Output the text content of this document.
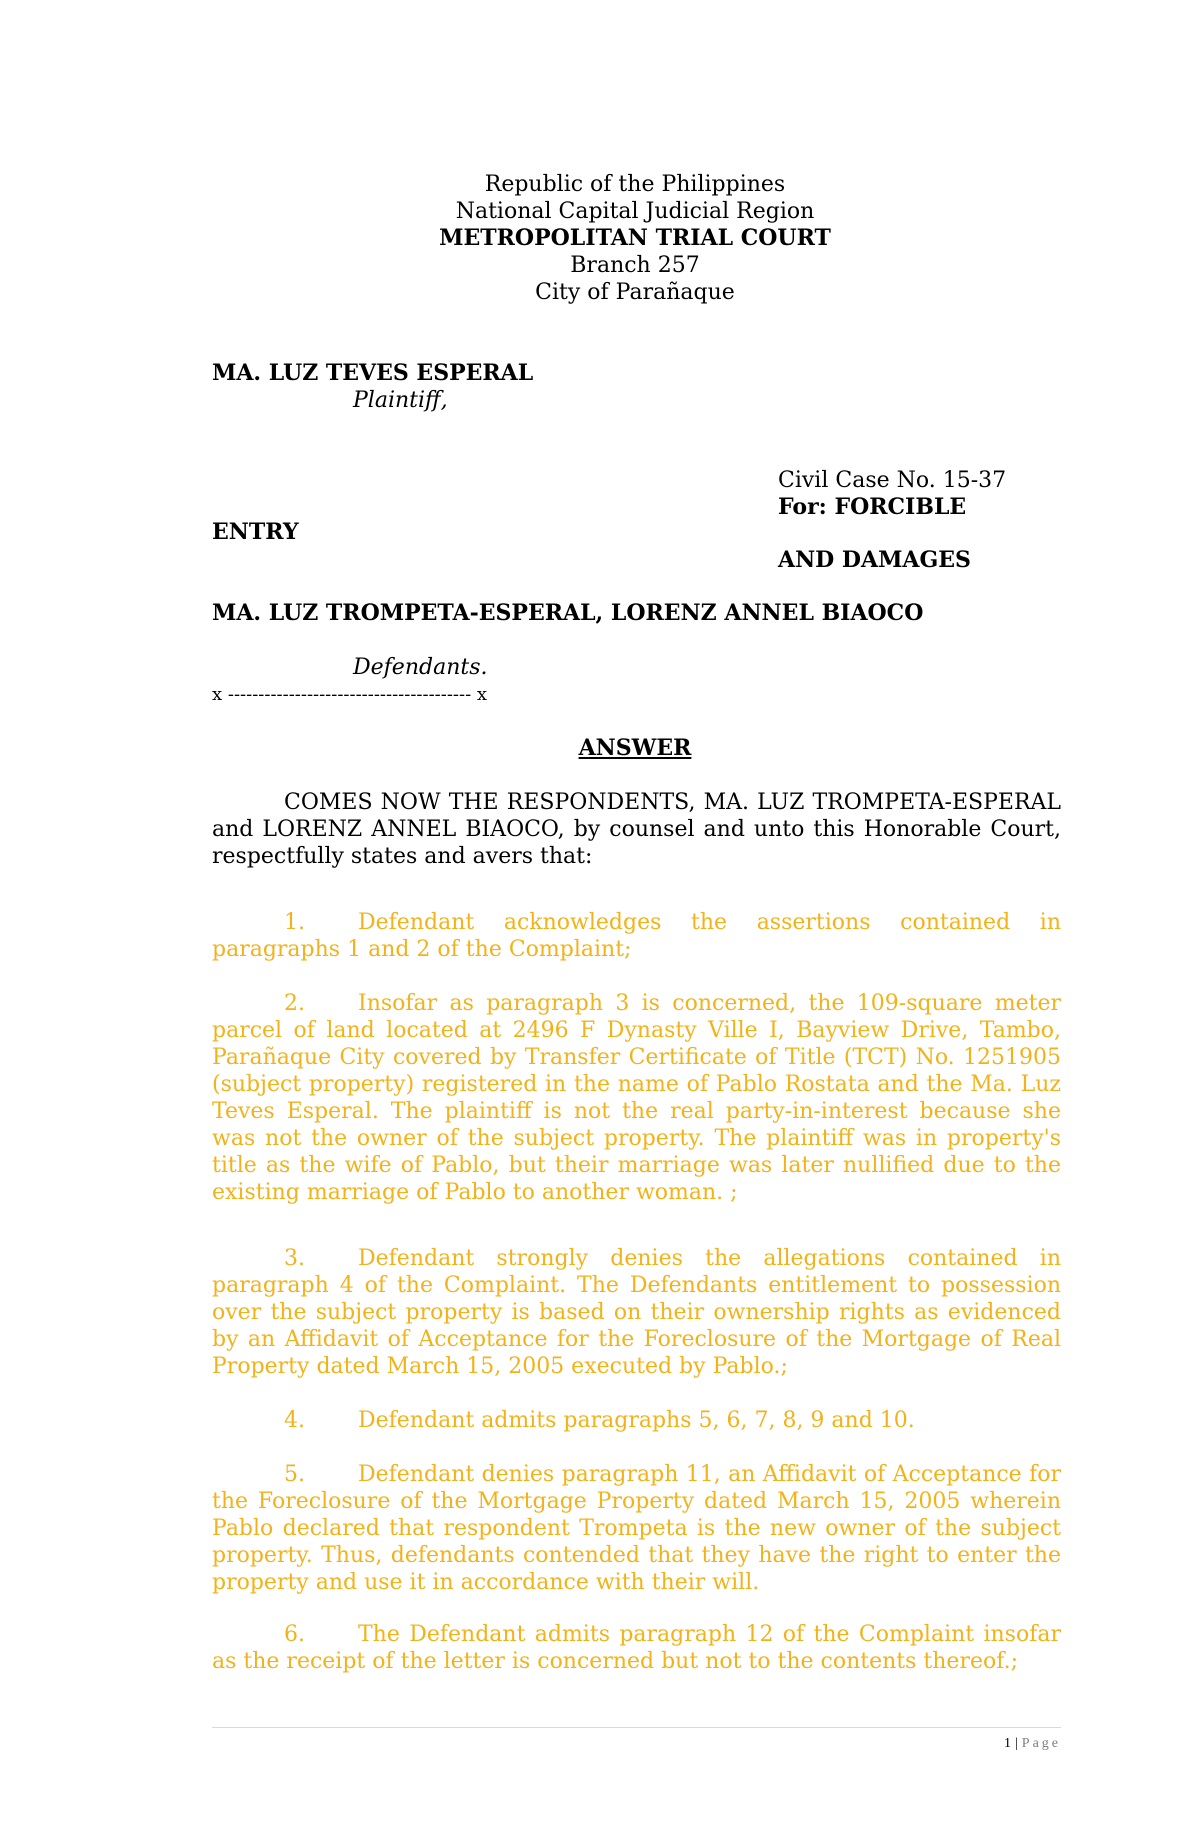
Republic of the Philippines
National Capital Judicial Region
METROPOLITAN TRIAL COURT
Branch 257
City of Parañaque
MA. LUZ TEVES ESPERAL
Plaintiff,
Civil Case No. 15-37
For: FORCIBLE
ENTRY
AND DAMAGES
MA. LUZ TROMPETA-ESPERAL, LORENZ ANNEL BIAOCO
Defendants.
x ---------------------------------------- x
ANSWER
COMES NOW THE RESPONDENTS, MA. LUZ TROMPETA-ESPERAL and LORENZ ANNEL BIAOCO, by counsel and unto this Honorable Court, respectfully states and avers that:
1. Defendant acknowledges the assertions contained in paragraphs 1 and 2 of the Complaint;
2. Insofar as paragraph 3 is concerned, the 109-square meter parcel of land located at 2496 F Dynasty Ville I, Bayview Drive, Tambo, Parañaque City covered by Transfer Certificate of Title (TCT) No. 1251905 (subject property) registered in the name of Pablo Rostata and the Ma. Luz Teves Esperal. The plaintiff is not the real party-in-interest because she was not the owner of the subject property. The plaintiff was in property's title as the wife of Pablo, but their marriage was later nullified due to the existing marriage of Pablo to another woman. ;
3. Defendant strongly denies the allegations contained in paragraph 4 of the Complaint. The Defendants entitlement to possession over the subject property is based on their ownership rights as evidenced by an Affidavit of Acceptance for the Foreclosure of the Mortgage of Real Property dated March 15, 2005 executed by Pablo.;
4. Defendant admits paragraphs 5, 6, 7, 8, 9 and 10.
5. Defendant denies paragraph 11, an Affidavit of Acceptance for the Foreclosure of the Mortgage Property dated March 15, 2005 wherein Pablo declared that respondent Trompeta is the new owner of the subject property. Thus, defendants contended that they have the right to enter the property and use it in accordance with their will.
6. The Defendant admits paragraph 12 of the Complaint insofar as the receipt of the letter is concerned but not to the contents thereof.;
1 | Page
